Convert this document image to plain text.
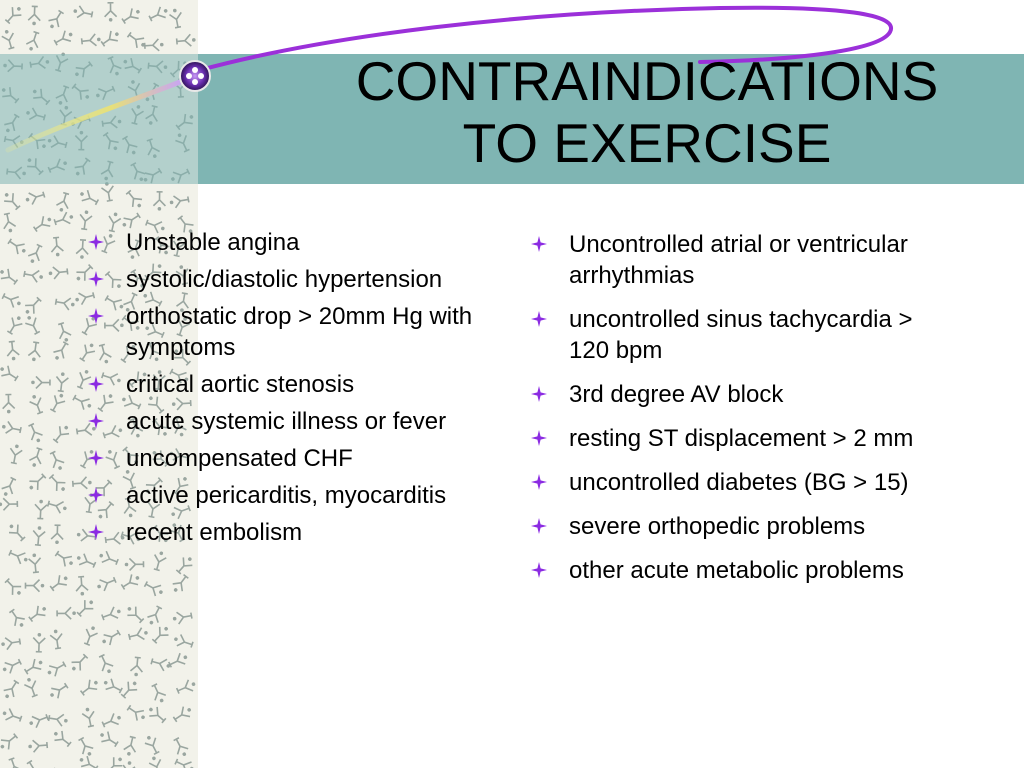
CONTRAINDICATIONS
TO EXERCISE
Unstable angina
systolic/diastolic hypertension
orthostatic drop > 20mm Hg with symptoms
critical aortic stenosis
acute systemic illness or fever
uncompensated CHF
active pericarditis, myocarditis
recent embolism
Uncontrolled atrial or ventricular arrhythmias
uncontrolled sinus tachycardia > 120 bpm
3rd degree AV block
resting ST displacement > 2 mm
uncontrolled diabetes (BG > 15)
severe orthopedic problems
other acute metabolic problems
